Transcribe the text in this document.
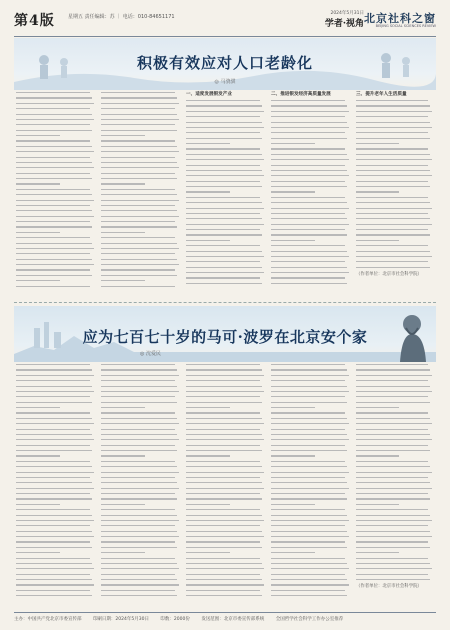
第4版	星期五 责任编辑：苏 ｜ 电话：010-84651171
2024年5月31日
学者·视角 北京社科之窗
BEIJING SOCIAL SCIENCES REVIEW
积极有效应对人口老龄化
◎ 马骁骐
一、适度发展银发产业	二、推进银发经济高质量发展	三、提升老年人生活质量
（作者单位：北京市社会科学院）
应为七百七十岁的马可·波罗在北京安个家
◎ 沈爱民
（作者单位：北京市社会科学院）
主办：中国共产党北京市委宣传部	印刷日期：2024年5月30日	印数：2000份	发送范围：北京市委宣传部系统	全国哲学社会科学工作办公室推荐
